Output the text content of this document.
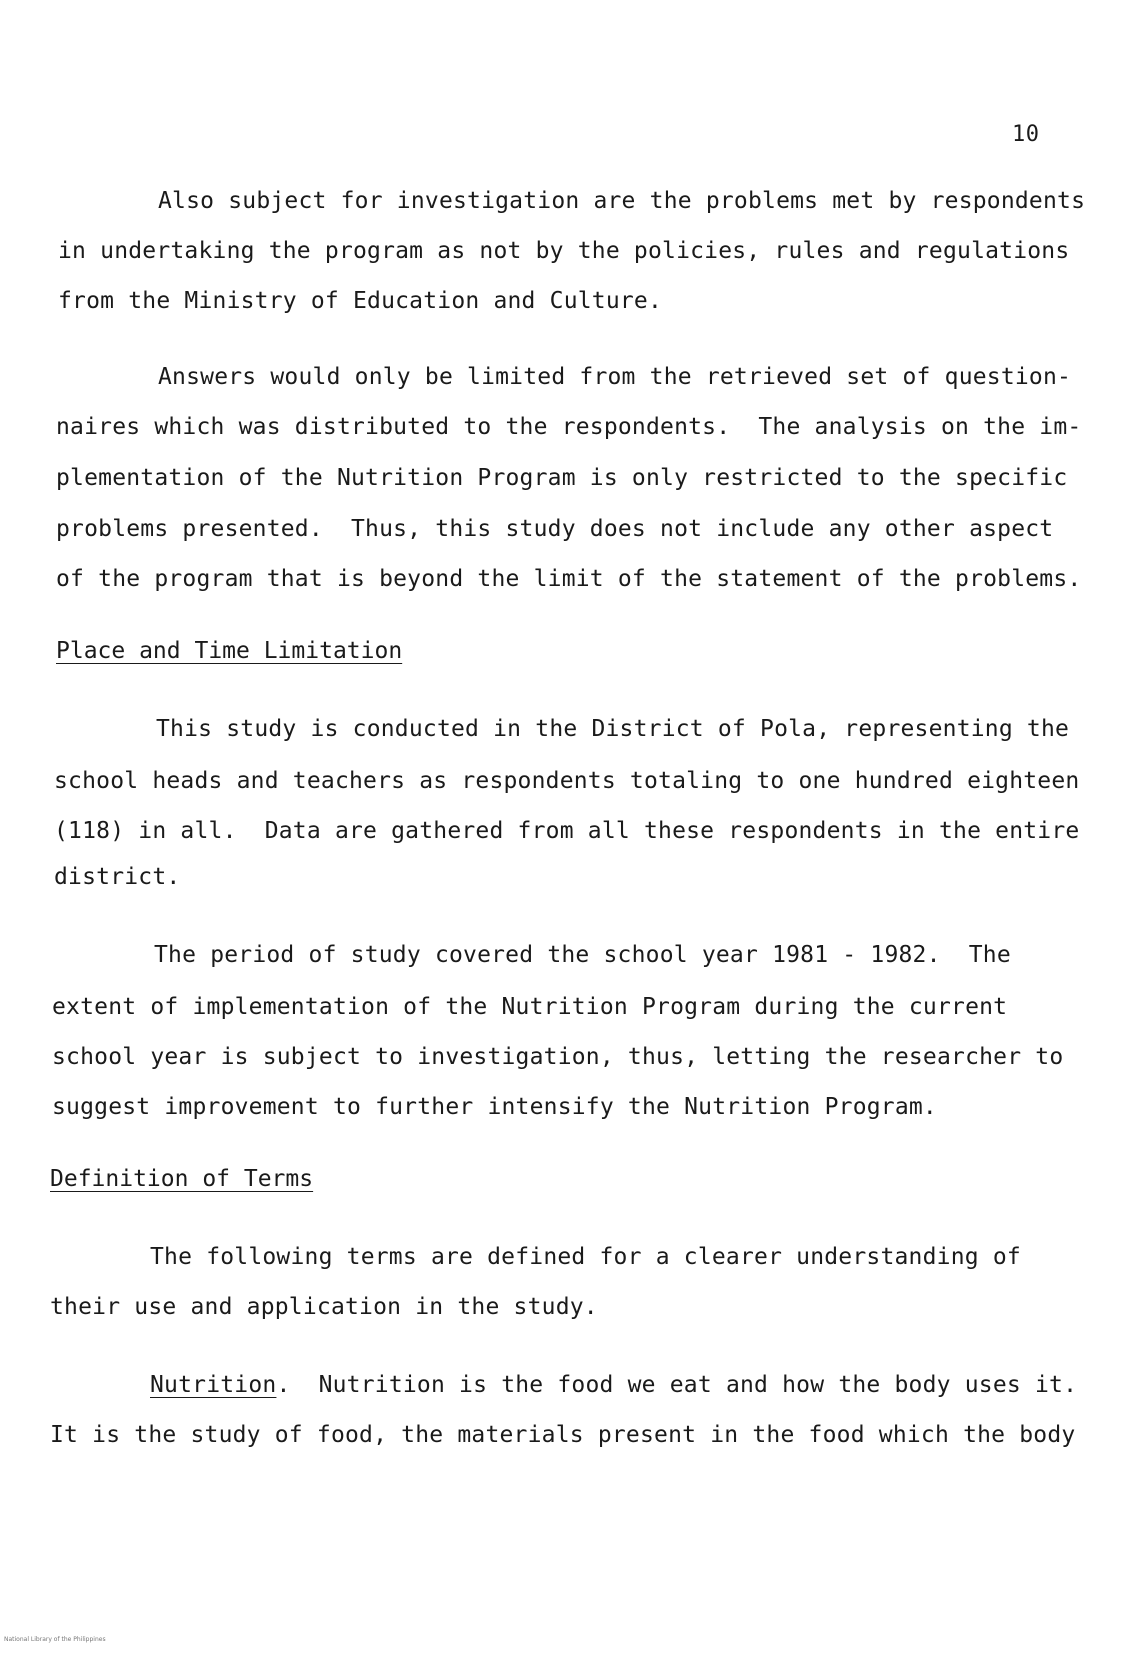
10
Also subject for investigation are the problems met by respondents
in undertaking the program as not by the policies, rules and regulations
from the Ministry of Education and Culture.
Answers would only be limited from the retrieved set of question-
naires which was distributed to the respondents.  The analysis on the im-
plementation of the Nutrition Program is only restricted to the specific
problems presented.  Thus, this study does not include any other aspect
of the program that is beyond the limit of the statement of the problems.
Place and Time Limitation
This study is conducted in the District of Pola, representing the
school heads and teachers as respondents totaling to one hundred eighteen
(118) in all.  Data are gathered from all these respondents in the entire
district.
The period of study covered the school year 1981 - 1982.  The
extent of implementation of the Nutrition Program during the current
school year is subject to investigation, thus, letting the researcher to
suggest improvement to further intensify the Nutrition Program.
Definition of Terms
The following terms are defined for a clearer understanding of
their use and application in the study.
Nutrition.  Nutrition is the food we eat and how the body uses it.
It is the study of food, the materials present in the food which the body
National Library of the Philippines
